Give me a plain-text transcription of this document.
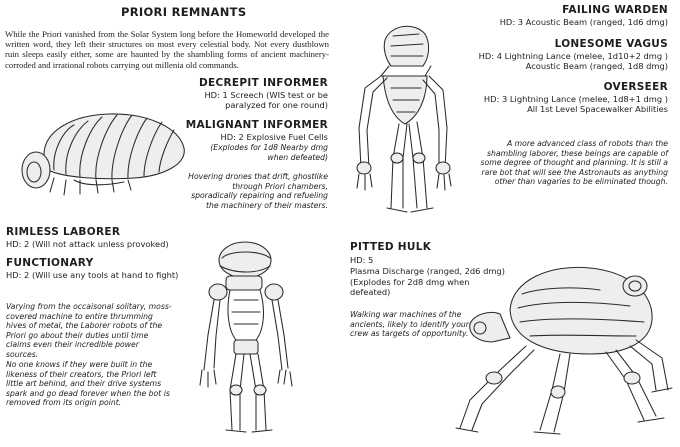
PRIORI REMNANTS
While the Priori vanished from the Solar System long before the Homeworld developed the written word, they left their structures on most every celestial body. Not every dustblown ruin sleeps easily either, some are haunted by the shambling forms of ancient machinery-corroded and irrational robots carrying out millenia old commands.
DECREPIT INFORMER
HD: 1 Screech (WIS test or be paralyzed for one round)
MALIGNANT INFORMER
HD: 2 Explosive Fuel Cells
(Explodes for 1d8 Nearby dmg when defeated)
Hovering drones that drift, ghostlike through Priori chambers, sporadically repairing and refueling the machinery of their masters.
RIMLESS LABORER
HD: 2 (Will not attack unless provoked)
FUNCTIONARY
HD: 2 (Will use any tools at hand to fight)
Varying from the occaisonal solitary, moss-covered machine to entire thrumming hives of metal, the Laborer robots of the Priori go about their duties until time claims even their incredible power sources.
No one knows if they were built in the likeness of their creators, the Priori left little art behind, and their drive systems spark and go dead forever when the bot is removed from its origin point.
FAILING WARDEN
HD: 3 Acoustic Beam (ranged, 1d6 dmg)
LONESOME VAGUS
HD: 4 Lightning Lance (melee, 1d10+2 dmg )
Acoustic Beam (ranged, 1d8 dmg)
OVERSEER
HD: 3 Lightning Lance (melee, 1d8+1 dmg )
All 1st Level Spacewalker Abilities
A more advanced class of robots than the shambling laborer, these beings are capable of some degree of thought and planning. It is still a rare bot that will see the Astronauts as anything other than vagaries to be eliminated though.
PITTED HULK
HD: 5
Plasma Discharge (ranged, 2d6 dmg)
(Explodes for 2d8 dmg when defeated)
Walking war machines of the ancients, likely to identify your crew as targets of opportunity.
